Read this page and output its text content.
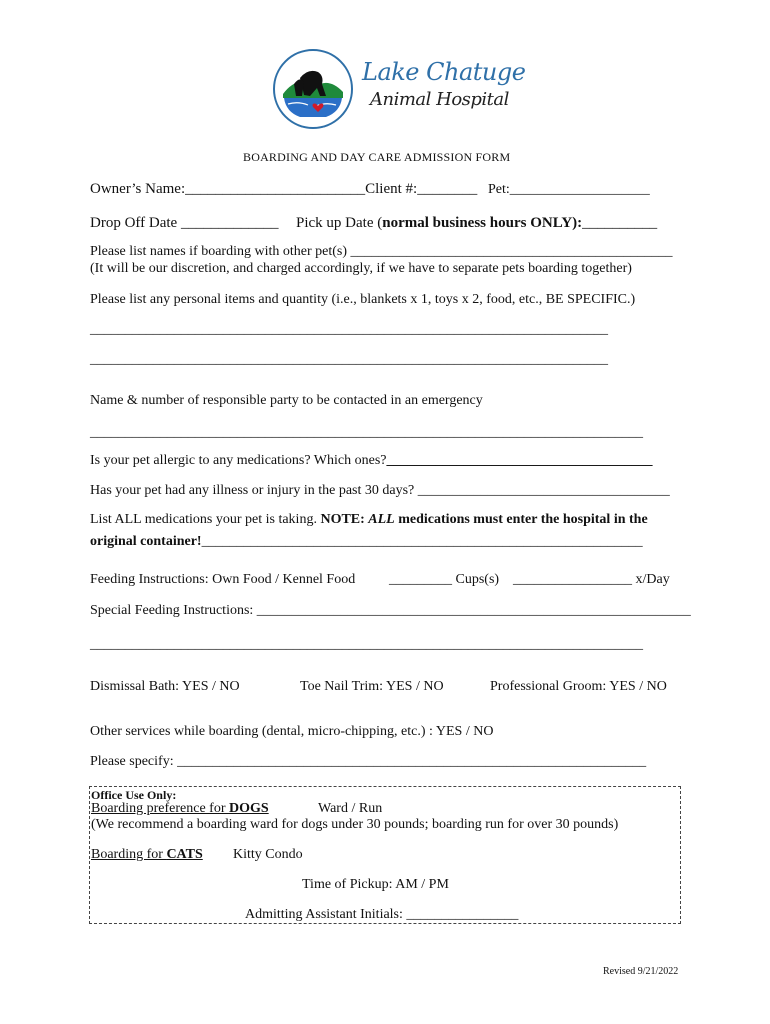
Lake Chatuge
Animal Hospital
BOARDING AND DAY CARE ADMISSION FORM
Owner’s Name:________________________Client #:________ Pet:____________________
Drop Off Date _____________ Pick up Date (normal business hours ONLY):__________
Please list names if boarding with other pet(s) ______________________________________________
(It will be our discretion, and charged accordingly, if we have to separate pets boarding together)
Please list any personal items and quantity (i.e., blankets x 1, toys x 2, food, etc., BE SPECIFIC.)
__________________________________________________________________________
__________________________________________________________________________
Name & number of responsible party to be contacted in an emergency
_______________________________________________________________________________
Is your pet allergic to any medications? Which ones?______________________________________
Has your pet had any illness or injury in the past 30 days? ____________________________________
List ALL medications your pet is taking. NOTE: ALL medications must enter the hospital in the
original container!_______________________________________________________________
Feeding Instructions: Own Food / Kennel Food _________ Cups(s) _________________ x/Day
Special Feeding Instructions: ______________________________________________________________
_______________________________________________________________________________
Dismissal Bath: YES / NO	Toe Nail Trim: YES / NO	Professional Groom: YES / NO
Other services while boarding (dental, micro-chipping, etc.) : YES / NO
Please specify: ___________________________________________________________________
Office Use Only:
Boarding preference for DOGS	Ward / Run
(We recommend a boarding ward for dogs under 30 pounds; boarding run for over 30 pounds)
Boarding for CATS Kitty Condo
Time of Pickup: AM / PM
Admitting Assistant Initials: ________________
Revised 9/21/2022
